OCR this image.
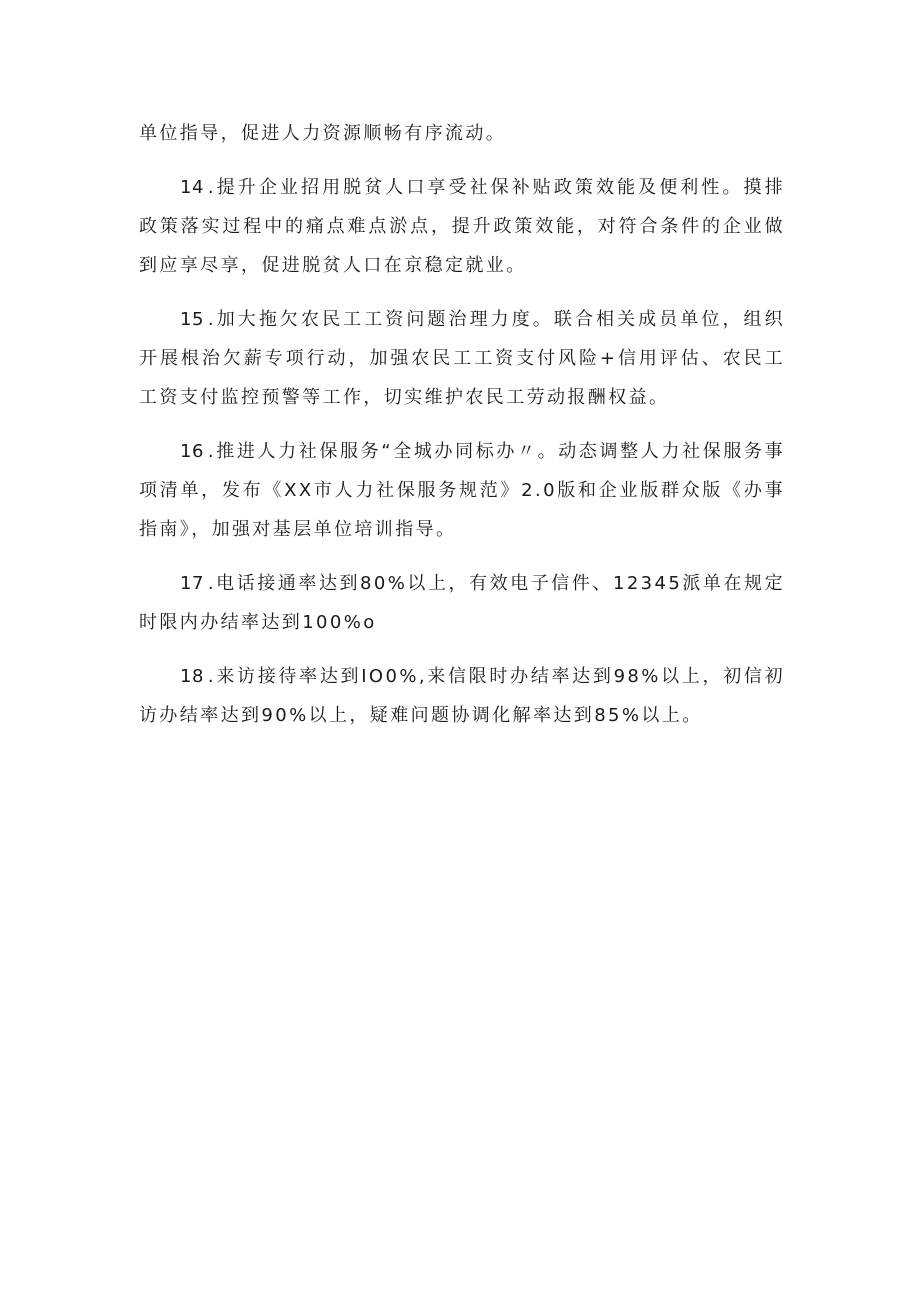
单位指导，促进人力资源顺畅有序流动。

14 .提升企业招用脱贫人口享受社保补贴政策效能及便利性。摸排政策落实过程中的痛点难点淤点，提升政策效能，对符合条件的企业做到应享尽享，促进脱贫人口在京稳定就业。

15 .加大拖欠农民工工资问题治理力度。联合相关成员单位，组织开展根治欠薪专项行动，加强农民工工资支付风险+信用评估、农民工工资支付监控预警等工作，切实维护农民工劳动报酬权益。

16 .推进人力社保服务“全城办同标办〃。动态调整人力社保服务事项清单，发布《XX市人力社保服务规范》2.0版和企业版群众版《办事指南》，加强对基层单位培训指导。

17 .电话接通率达到80%以上，有效电子信件、12345派单在规定时限内办结率达到100%o

18 .来访接待率达到IO0%,来信限时办结率达到98%以上，初信初访办结率达到90%以上，疑难问题协调化解率达到85%以上。
